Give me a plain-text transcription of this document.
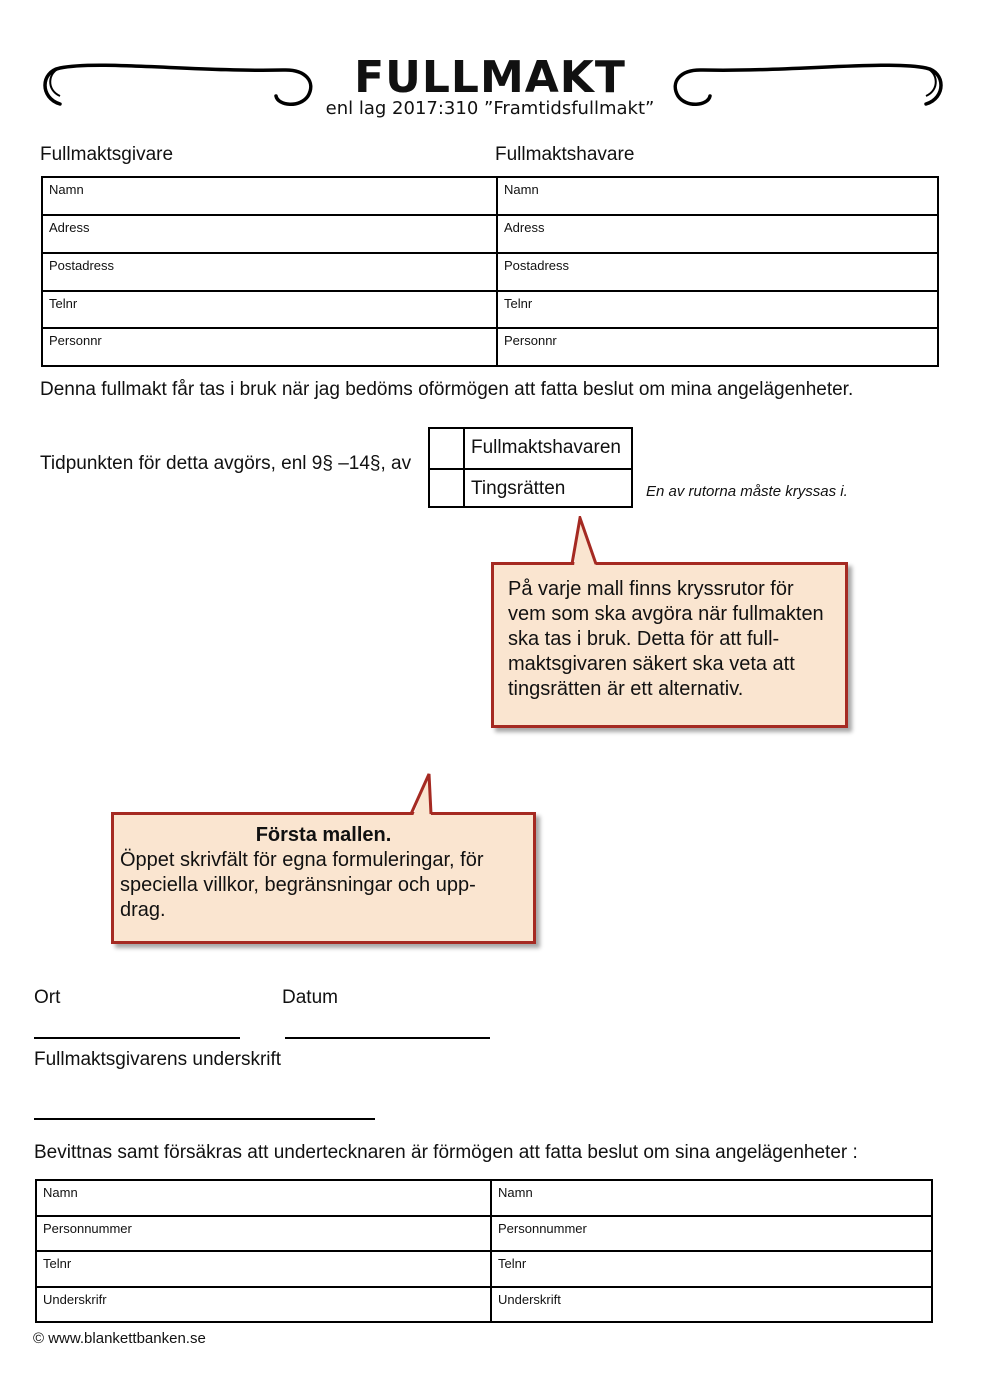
FULLMAKT
enl lag 2017:310 ”Framtidsfullmakt”
Fullmaktsgivare	Fullmaktshavare
Namn	Namn
Adress	Adress
Postadress	Postadress
Telnr	Telnr
Personnr	Personnr
Denna fullmakt får tas i bruk när jag bedöms oförmögen att fatta beslut om mina angelägenheter.
Tidpunkten för detta avgörs, enl 9§ –14§, av
Fullmaktshavaren
Tingsrätten	En av rutorna måste kryssas i.
På varje mall finns kryssrutor för
vem som ska avgöra när fullmakten
ska tas i bruk. Detta för att full-
maktsgivaren säkert ska veta att
tingsrätten är ett alternativ.
Första mallen.
Öppet skrivfält för egna formuleringar, för
speciella villkor, begränsningar och upp-
drag.
Ort	Datum
Fullmaktsgivarens underskrift
Bevittnas samt försäkras att undertecknaren är förmögen att fatta beslut om sina angelägenheter :
Namn	Namn
Personnummer	Personnummer
Telnr	Telnr
Underskrifr	Underskrift
© www.blankettbanken.se
